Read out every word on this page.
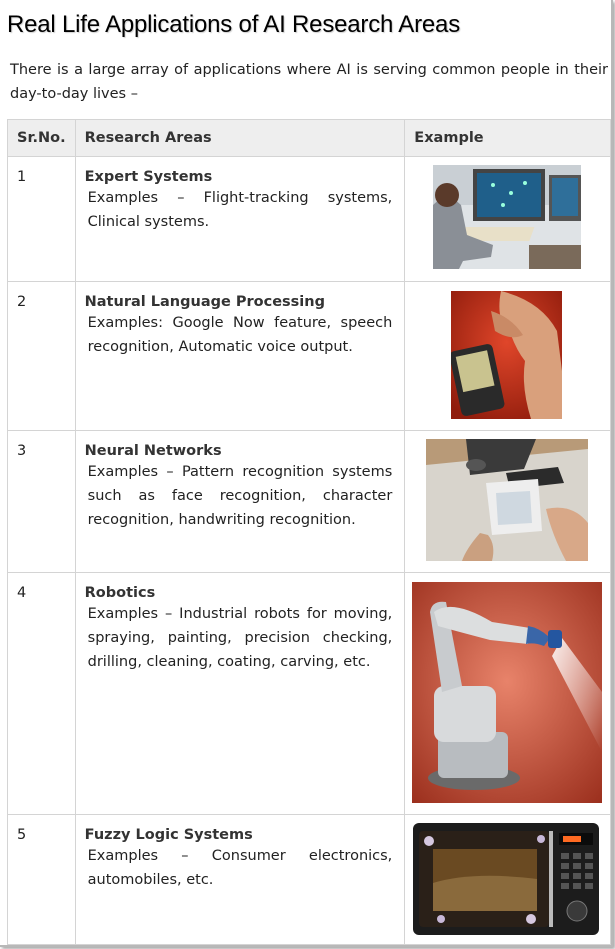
Real Life Applications of AI Research Areas
There is a large array of applications where AI is serving common people in their day-to-day lives –
Sr.No.	Research Areas	Example
1	Expert Systems
Examples – Flight-tracking systems, Clinical systems.

2	Natural Language Processing
Examples: Google Now feature, speech recognition, Automatic voice output.

3	Neural Networks
Examples – Pattern recognition systems such as face recognition, character recognition, handwriting recognition.

4	Robotics
Examples – Industrial robots for moving, spraying, painting, precision checking, drilling, cleaning, coating, carving, etc.

5	Fuzzy Logic Systems
Examples – Consumer electronics, automobiles, etc.
